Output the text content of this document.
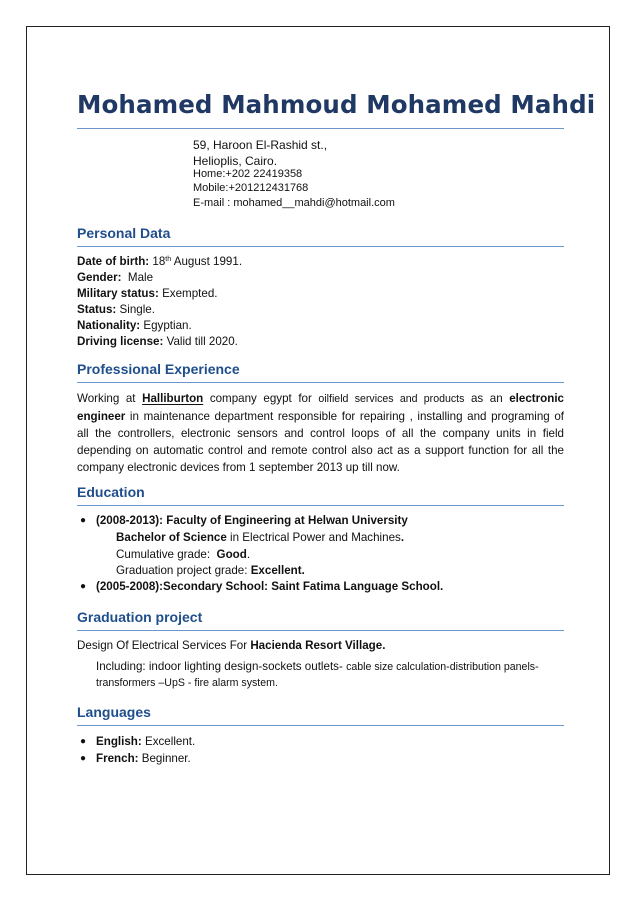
Mohamed Mahmoud Mohamed Mahdi
59, Haroon El-Rashid st.,
Helioplis, Cairo.
Home:+202 22419358
Mobile:+201212431768
E-mail : mohamed__mahdi@hotmail.com
Personal Data
Date of birth: 18th August 1991.
Gender: Male
Military status: Exempted.
Status: Single.
Nationality: Egyptian.
Driving license: Valid till 2020.
Professional Experience
Working at Halliburton company egypt for oilfield services and products as an electronic
engineer in maintenance department responsible for repairing , installing and programing of
all the controllers, electronic sensors and control loops of all the company units in field
depending on automatic control and remote control also act as a support function for all the
company electronic devices from 1 september 2013 up till now.
Education
● (2008-2013): Faculty of Engineering at Helwan University
Bachelor of Science in Electrical Power and Machines.
Cumulative grade:  Good.
Graduation project grade: Excellent.
● (2005-2008):Secondary School: Saint Fatima Language School.
Graduation project
Design Of Electrical Services For Hacienda Resort Village.
Including: indoor lighting design-sockets outlets- cable size calculation-distribution panels-
transformers –UpS - fire alarm system.
Languages
● English: Excellent.
● French: Beginner.
